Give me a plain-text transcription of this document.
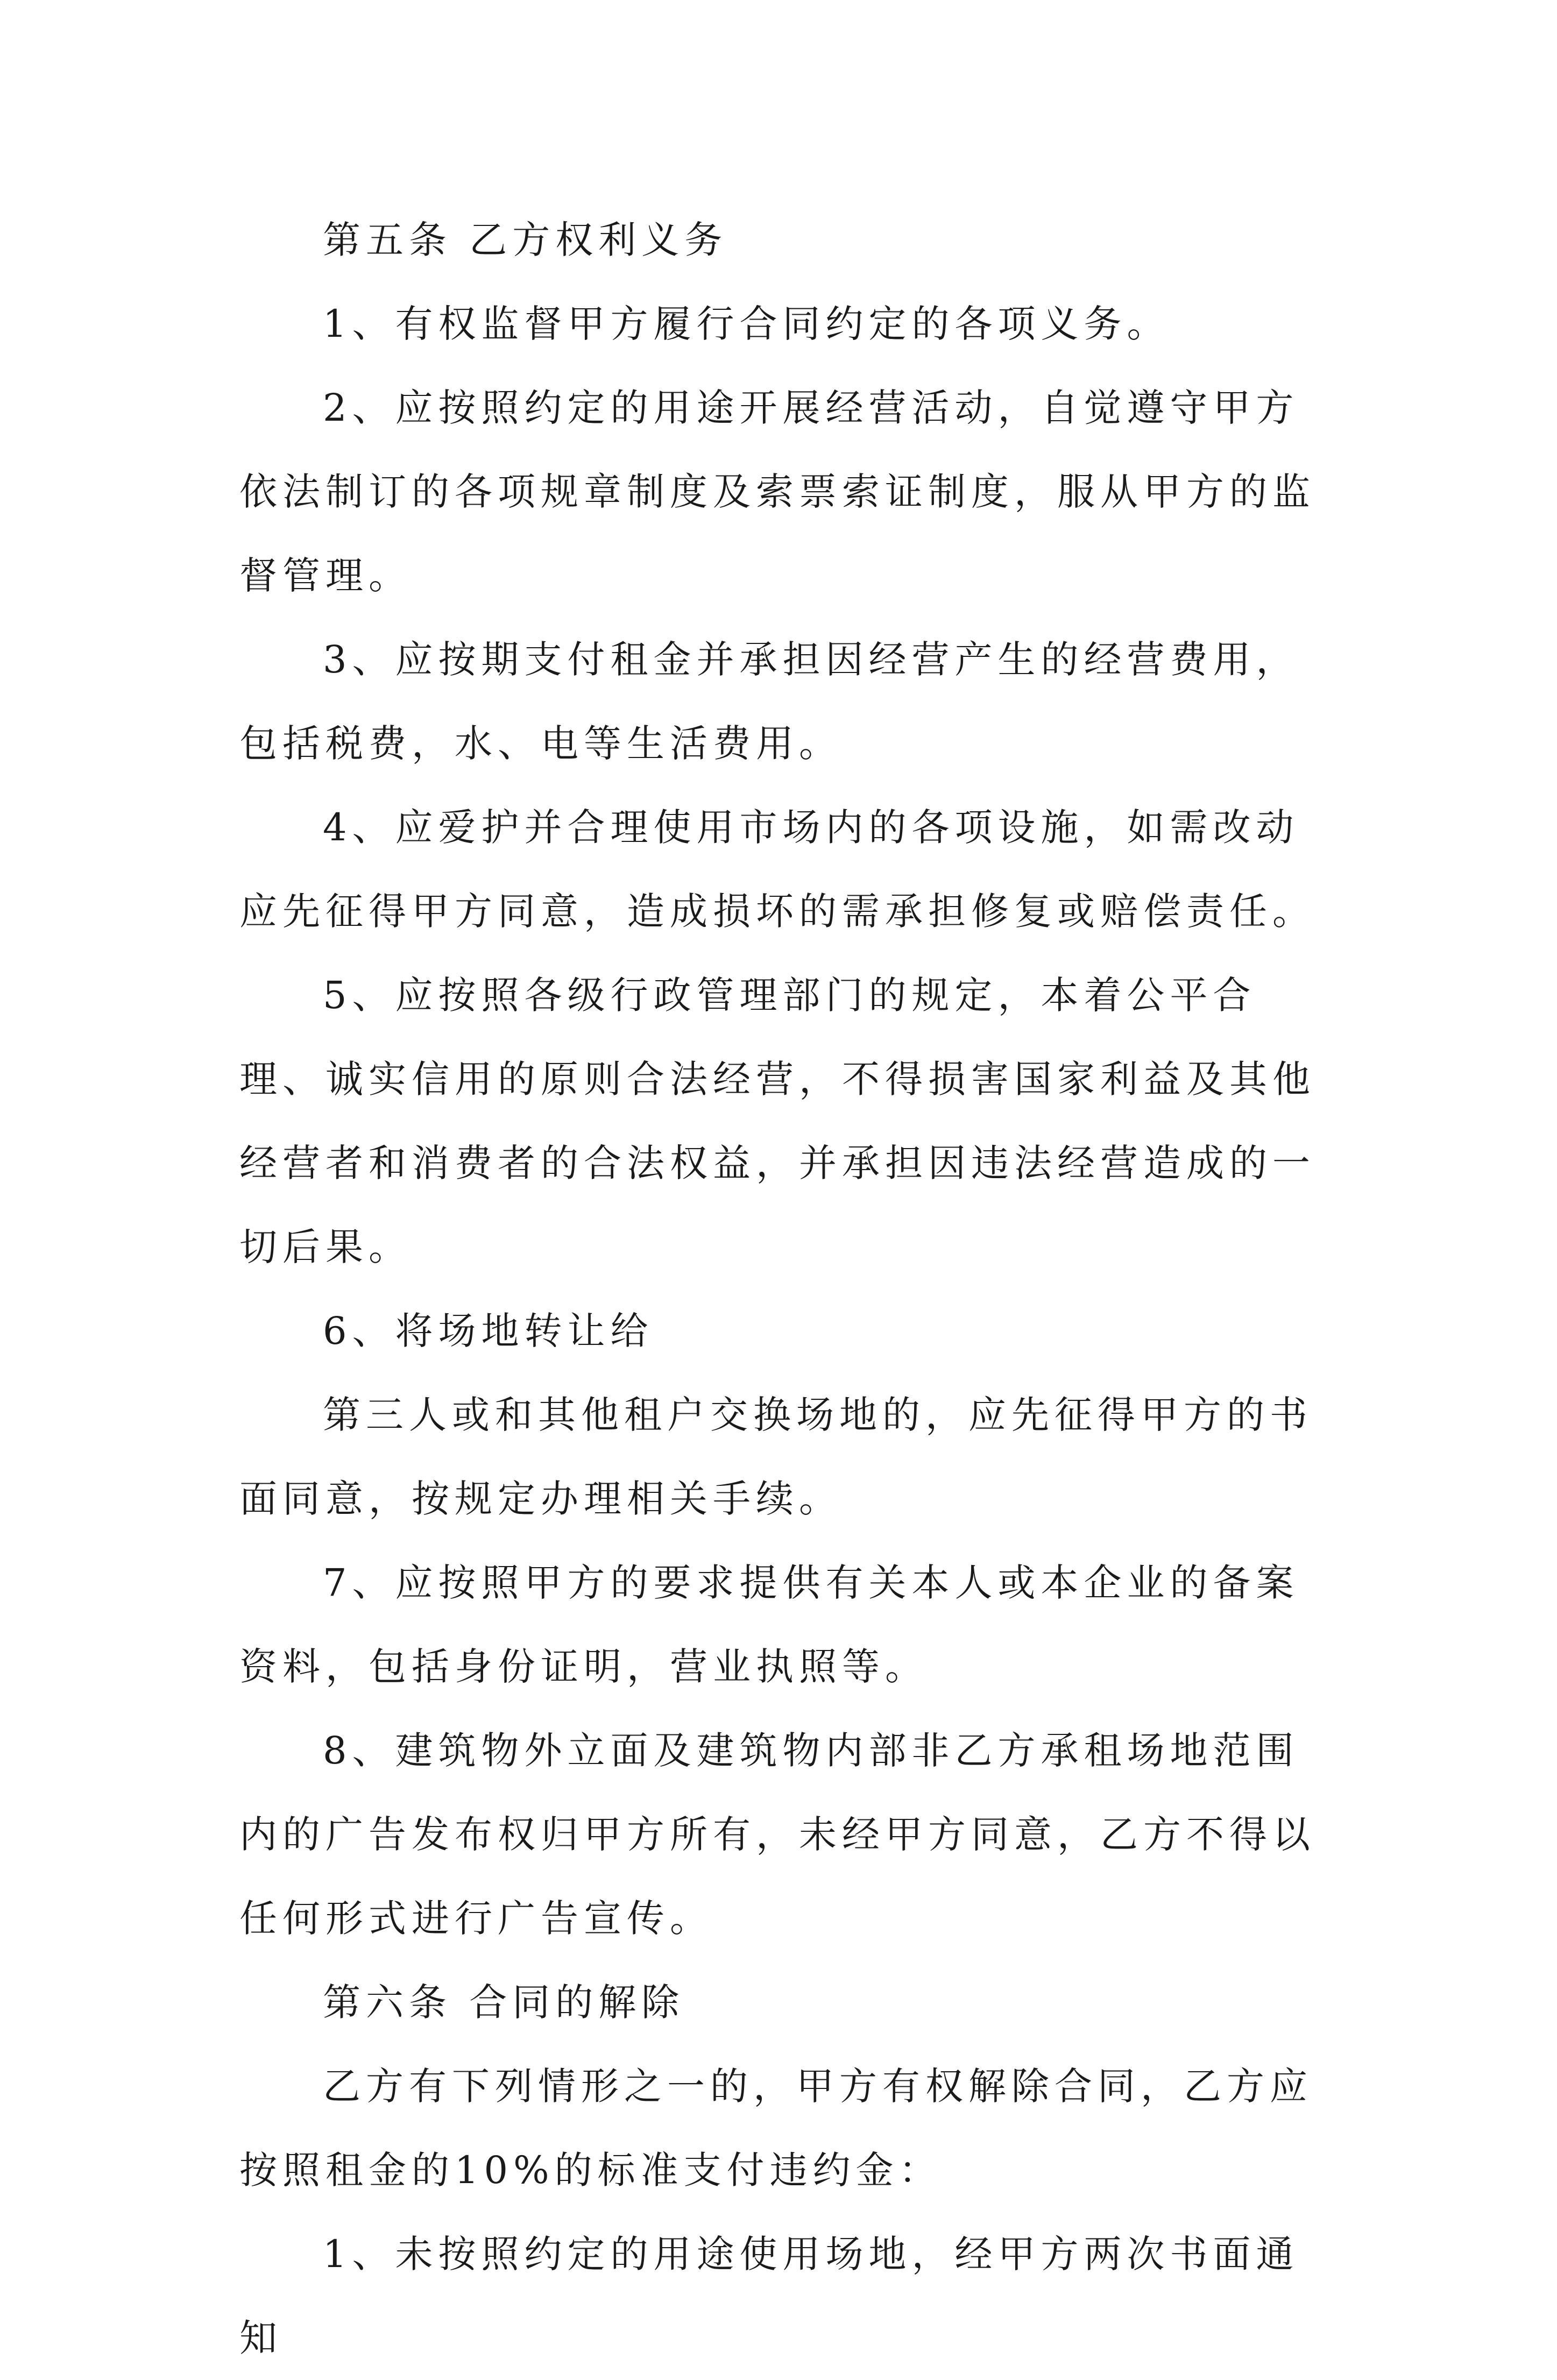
第五条 乙方权利义务

1、有权监督甲方履行合同约定的各项义务。

2、应按照约定的用途开展经营活动，自觉遵守甲方依法制订的各项规章制度及索票索证制度，服从甲方的监督管理。

3、应按期支付租金并承担因经营产生的经营费用，包括税费，水、电等生活费用。

4、应爱护并合理使用市场内的各项设施，如需改动应先征得甲方同意，造成损坏的需承担修复或赔偿责任。

5、应按照各级行政管理部门的规定，本着公平合理、诚实信用的原则合法经营，不得损害国家利益及其他经营者和消费者的合法权益，并承担因违法经营造成的一切后果。

6、将场地转让给

第三人或和其他租户交换场地的，应先征得甲方的书面同意，按规定办理相关手续。

7、应按照甲方的要求提供有关本人或本企业的备案资料，包括身份证明，营业执照等。

8、建筑物外立面及建筑物内部非乙方承租场地范围内的广告发布权归甲方所有，未经甲方同意，乙方不得以任何形式进行广告宣传。

第六条 合同的解除

乙方有下列情形之一的，甲方有权解除合同，乙方应按照租金的10%的标准支付违约金：

1、未按照约定的用途使用场地，经甲方两次书面通知
